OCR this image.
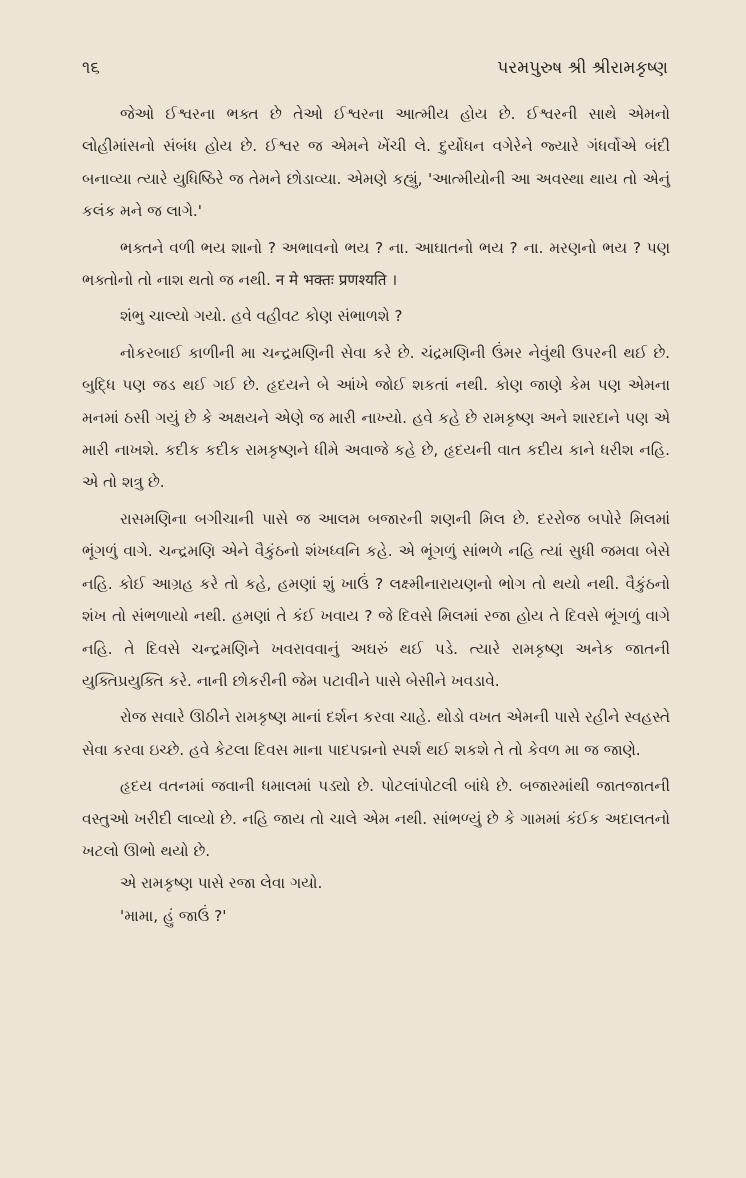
૧૬	પરમપુરુષ શ્રી શ્રીરામકૃષ્ણ

જેઓ ઈશ્વરના ભક્ત છે તેઓ ઈશ્વરના આત્મીય હોય છે. ઈશ્વરની સાથે એમનો લોહીમાંસનો સંબંધ હોય છે. ઈશ્વર જ એમને ખેંચી લે. દુર્યોધન વગેરેને જ્યારે ગંધર્વોએ બંદી બનાવ્યા ત્યારે યુધિષ્ઠિરે જ તેમને છોડાવ્યા. એમણે કહ્યું, 'આત્મીયોની આ અવસ્થા થાય તો એનું કલંક મને જ લાગે.'

ભક્તને વળી ભય શાનો ? અભાવનો ભય ? ના. આઘાતનો ભય ? ના. મરણનો ભય ? પણ ભક્તોનો તો નાશ થતો જ નથી. न मे भक्तः प्रणश्यति ।

શંભુ ચાલ્યો ગયો. હવે વહીવટ કોણ સંભાળશે ?

નોકરબાઈ કાળીની મા ચન્દ્રમણિની સેવા કરે છે. ચંદ્રમણિની ઉંમર નેવુંથી ઉપરની થઈ છે. બુદ્ધિ પણ જડ થઈ ગઈ છે. હૃદયને બે આંખે જોઈ શકતાં નથી. કોણ જાણે કેમ પણ એમના મનમાં ઠસી ગયું છે કે અક્ષયને એણે જ મારી નાખ્યો. હવે કહે છે રામકૃષ્ણ અને શારદાને પણ એ મારી નાખશે. કદીક કદીક રામકૃષ્ણને ધીમે અવાજે કહે છે, હૃદયની વાત કદીય કાને ધરીશ નહિ. એ તો શત્રુ છે.

રાસમણિના બગીચાની પાસે જ આલમ બજારની શણની મિલ છે. દરરોજ બપોરે મિલમાં ભૂંગળું વાગે. ચન્દ્રમણિ એને વૈકુંઠનો શંખધ્વનિ કહે. એ ભૂંગળું સાંભળે નહિ ત્યાં સુધી જમવા બેસે નહિ. કોઈ આગ્રહ કરે તો કહે, હમણાં શું ખાઉં ? લક્ષ્મીનારાયણનો ભોગ તો થયો નથી. વૈકુંઠનો શંખ તો સંભળાયો નથી. હમણાં તે કંઈ ખવાય ? જે દિવસે મિલમાં રજા હોય તે દિવસે ભૂંગળું વાગે નહિ. તે દિવસે ચન્દ્રમણિને ખવરાવવાનું અઘરું થઈ પડે. ત્યારે રામકૃષ્ણ અનેક જાતની યુક્તિપ્રયુક્તિ કરે. નાની છોકરીની જેમ પટાવીને પાસે બેસીને ખવડાવે.

રોજ સવારે ઊઠીને રામકૃષ્ણ માનાં દર્શન કરવા ચાહે. થોડો વખત એમની પાસે રહીને સ્વહસ્તે સેવા કરવા ઇચ્છે. હવે કેટલા દિવસ માના પાદપદ્મનો સ્પર્શ થઈ શકશે તે તો કેવળ મા જ જાણે.

હૃદય વતનમાં જવાની ધમાલમાં પડ્યો છે. પોટલાંપોટલી બાંધે છે. બજારમાંથી જાતજાતની વસ્તુઓ ખરીદી લાવ્યો છે. નહિ જાય તો ચાલે એમ નથી. સાંભળ્યું છે કે ગામમાં કંઈક અદાલતનો ખટલો ઊભો થયો છે.

એ રામકૃષ્ણ પાસે રજા લેવા ગયો.

'મામા, હું જાઉં ?'
